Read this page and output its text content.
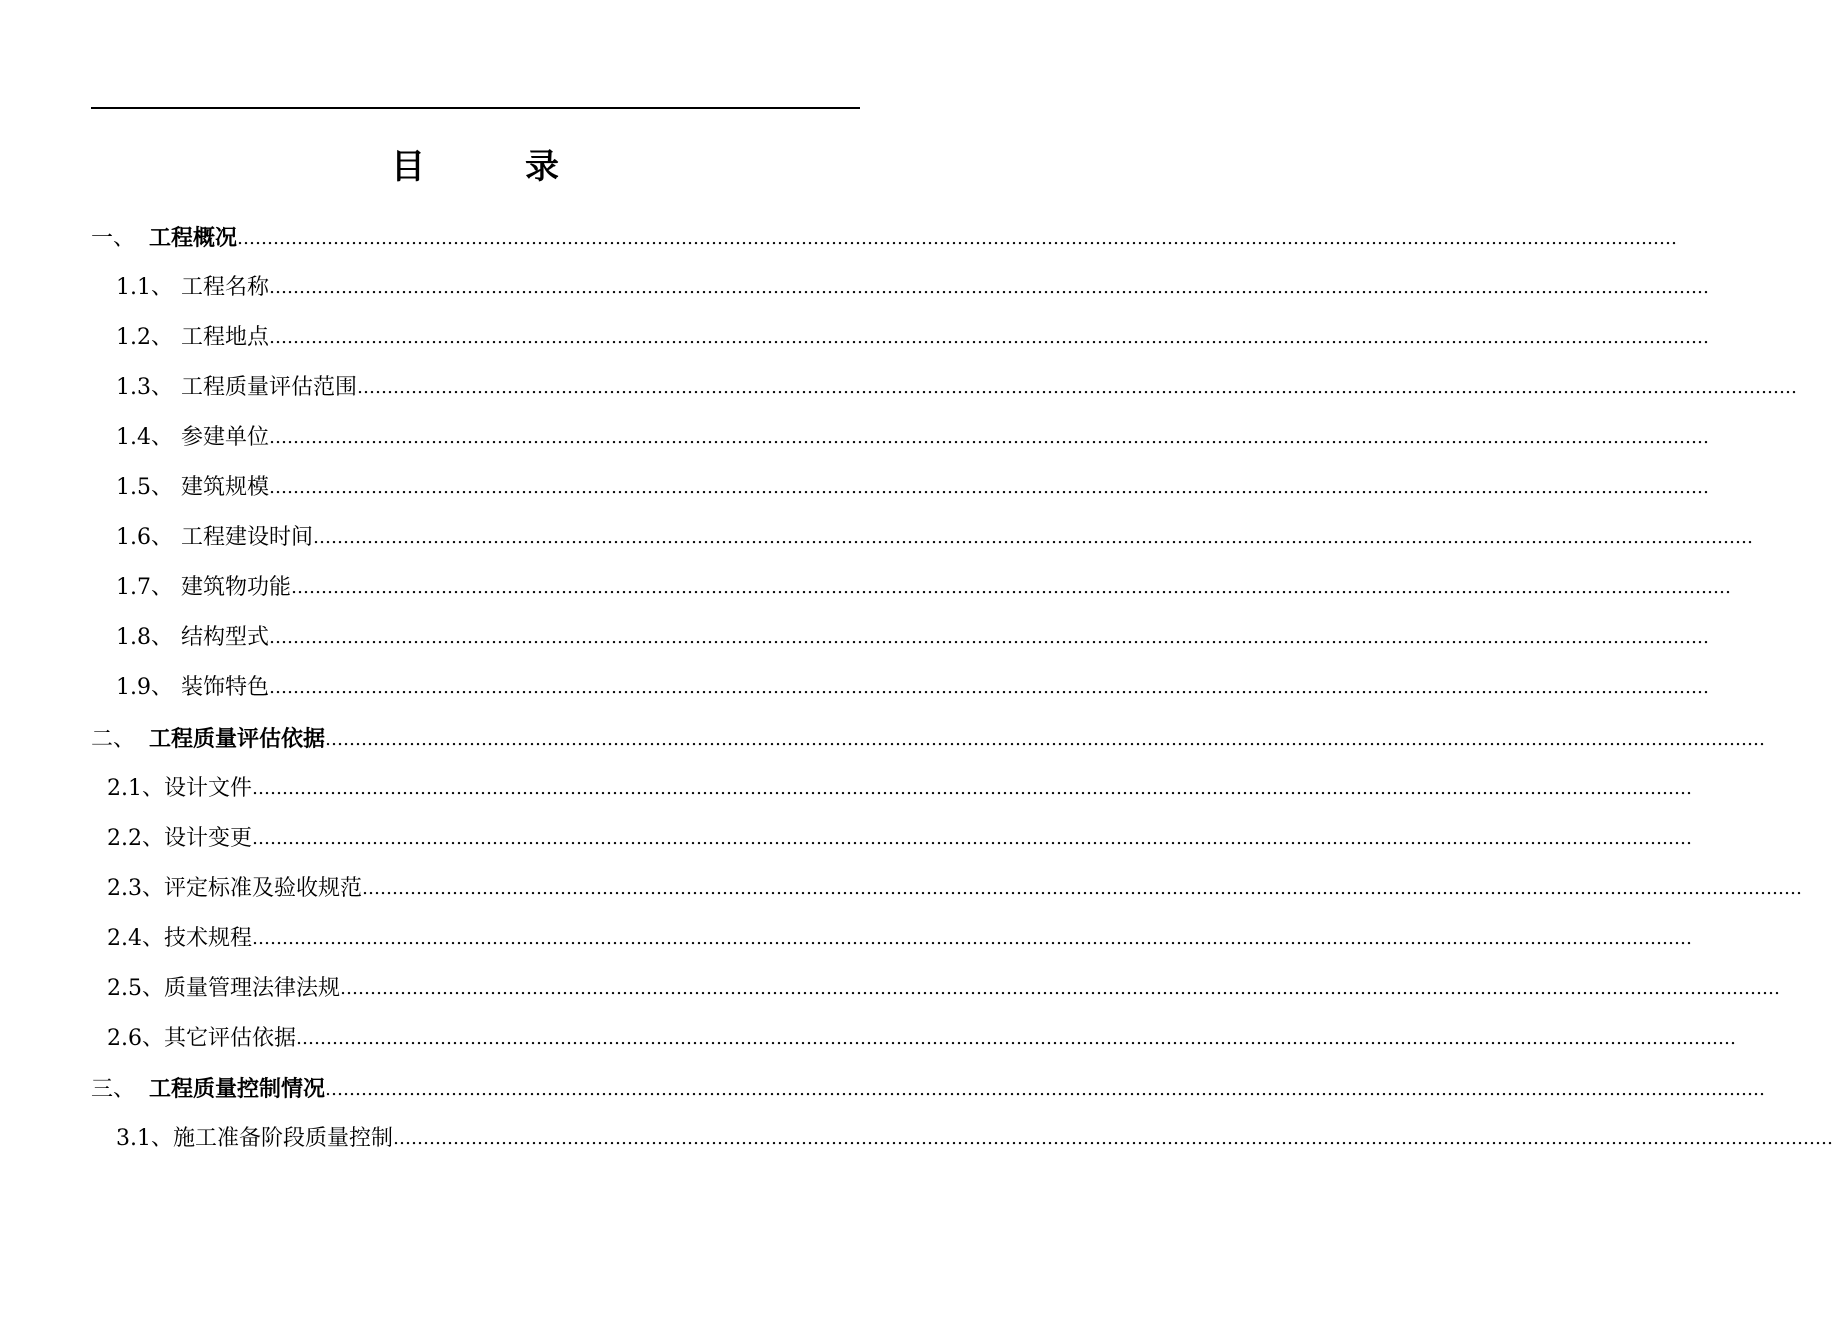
目录
一、 工程概况 ……………………………………………………………………………………………………………………………………………………………………………………………………………………
1.1、 工程名称 ……………………………………………………………………………………………………………………………………………………………………………………………………………………
1.2、 工程地点 ……………………………………………………………………………………………………………………………………………………………………………………………………………………
1.3、 工程质量评估范围 ……………………………………………………………………………………………………………………………………………………………………………………………………………………
1.4、 参建单位 ……………………………………………………………………………………………………………………………………………………………………………………………………………………
1.5、 建筑规模 ……………………………………………………………………………………………………………………………………………………………………………………………………………………
1.6、 工程建设时间 ……………………………………………………………………………………………………………………………………………………………………………………………………………………
1.7、 建筑物功能 ……………………………………………………………………………………………………………………………………………………………………………………………………………………
1.8、 结构型式 ……………………………………………………………………………………………………………………………………………………………………………………………………………………
1.9、 装饰特色 ……………………………………………………………………………………………………………………………………………………………………………………………………………………
二、 工程质量评估依据 ……………………………………………………………………………………………………………………………………………………………………………………………………………………
2.1、 设计文件 ……………………………………………………………………………………………………………………………………………………………………………………………………………………
2.2、 设计变更 ……………………………………………………………………………………………………………………………………………………………………………………………………………………
2.3、 评定标准及验收规范 ……………………………………………………………………………………………………………………………………………………………………………………………………………………
2.4、 技术规程 ……………………………………………………………………………………………………………………………………………………………………………………………………………………
2.5、 质量管理法律法规 ……………………………………………………………………………………………………………………………………………………………………………………………………………………
2.6、 其它评估依据 ……………………………………………………………………………………………………………………………………………………………………………………………………………………
三、 工程质量控制情况 ……………………………………………………………………………………………………………………………………………………………………………………………………………………
3.1、 施工准备阶段质量控制 ……………………………………………………………………………………………………………………………………………………………………………………………………………………
